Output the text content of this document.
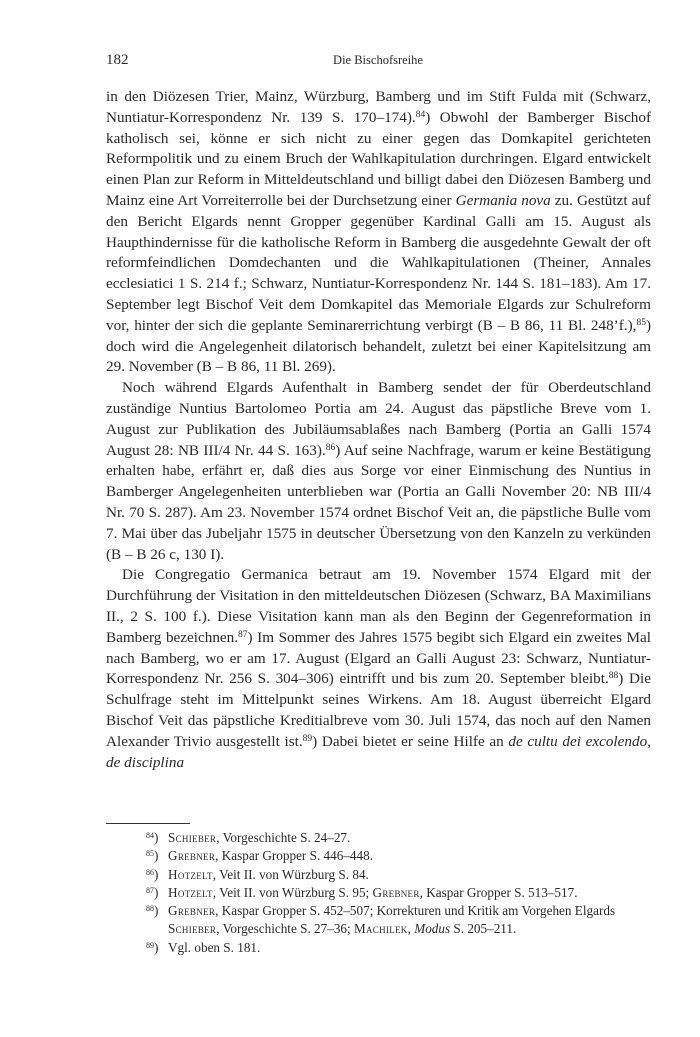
182	Die Bischofsreihe

in den Diözesen Trier, Mainz, Würzburg, Bamberg und im Stift Fulda mit (Schwarz, Nuntiatur-Korrespondenz Nr. 139 S. 170–174).$^{84}$) Obwohl der Bamberger Bischof katholisch sei, könne er sich nicht zu einer gegen das Domkapitel gerichteten Reformpolitik und zu einem Bruch der Wahlkapitulation durchringen. Elgard entwickelt einen Plan zur Reform in Mitteldeutschland und billigt dabei den Diözesen Bamberg und Mainz eine Art Vorreiterrolle bei der Durchsetzung einer Germania nova zu. Gestützt auf den Bericht Elgards nennt Gropper gegenüber Kardinal Galli am 15. August als Haupthindernisse für die katholische Reform in Bamberg die ausgedehnte Gewalt der oft reformfeindlichen Domdechanten und die Wahlkapitulationen (Theiner, Annales ecclesiatici 1 S. 214 f.; Schwarz, Nuntiatur-Korrespondenz Nr. 144 S. 181–183). Am 17. September legt Bischof Veit dem Domkapitel das Memoriale Elgards zur Schulreform vor, hinter der sich die geplante Seminarerrichtung verbirgt (B – B 86, 11 Bl. 248’f.),$^{85}$) doch wird die Angelegenheit dilatorisch behandelt, zuletzt bei einer Kapitelsitzung am 29. November (B – B 86, 11 Bl. 269).

Noch während Elgards Aufenthalt in Bamberg sendet der für Oberdeutschland zuständige Nuntius Bartolomeo Portia am 24. August das päpstliche Breve vom 1. August zur Publikation des Jubiläumsablaßes nach Bamberg (Portia an Galli 1574 August 28: NB III/4 Nr. 44 S. 163).$^{86}$) Auf seine Nachfrage, warum er keine Bestätigung erhalten habe, erfährt er, daß dies aus Sorge vor einer Einmischung des Nuntius in Bamberger Angelegenheiten unterblieben war (Portia an Galli November 20: NB III/4 Nr. 70 S. 287). Am 23. November 1574 ordnet Bischof Veit an, die päpstliche Bulle vom 7. Mai über das Jubeljahr 1575 in deutscher Übersetzung von den Kanzeln zu verkünden (B – B 26 c, 130 I).

Die Congregatio Germanica betraut am 19. November 1574 Elgard mit der Durchführung der Visitation in den mitteldeutschen Diözesen (Schwarz, BA Maximilians II., 2 S. 100 f.). Diese Visitation kann man als den Beginn der Gegenreformation in Bamberg bezeichnen.$^{87}$) Im Sommer des Jahres 1575 begibt sich Elgard ein zweites Mal nach Bamberg, wo er am 17. August (Elgard an Galli August 23: Schwarz, Nuntiatur-Korrespondenz Nr. 256 S. 304–306) eintrifft und bis zum 20. September bleibt.$^{88}$) Die Schulfrage steht im Mittelpunkt seines Wirkens. Am 18. August überreicht Elgard Bischof Veit das päpstliche Kreditialbreve vom 30. Juli 1574, das noch auf den Namen Alexander Trivio ausgestellt ist.$^{89}$) Dabei bietet er seine Hilfe an de cultu dei excolendo, de disciplina

$^{84}$) Schieber, Vorgeschichte S. 24–27.
$^{85}$) Grebner, Kaspar Gropper S. 446–448.
$^{86}$) Hotzelt, Veit II. von Würzburg S. 84.
$^{87}$) Hotzelt, Veit II. von Würzburg S. 95; Grebner, Kaspar Gropper S. 513–517.
$^{88}$) Grebner, Kaspar Gropper S. 452–507; Korrekturen und Kritik am Vorgehen Elgards Schieber, Vorgeschichte S. 27–36; Machilek, Modus S. 205–211.
$^{89}$) Vgl. oben S. 181.
